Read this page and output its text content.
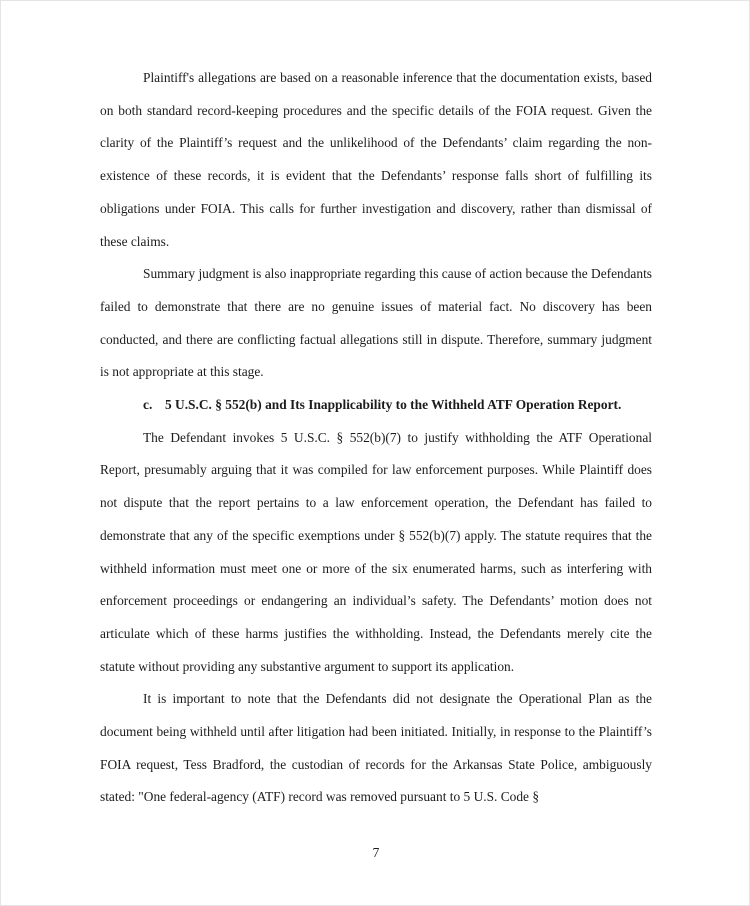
Plaintiff's allegations are based on a reasonable inference that the documentation exists, based on both standard record-keeping procedures and the specific details of the FOIA request. Given the clarity of the Plaintiff’s request and the unlikelihood of the Defendants’ claim regarding the non-existence of these records, it is evident that the Defendants’ response falls short of fulfilling its obligations under FOIA. This calls for further investigation and discovery, rather than dismissal of these claims.

Summary judgment is also inappropriate regarding this cause of action because the Defendants failed to demonstrate that there are no genuine issues of material fact. No discovery has been conducted, and there are conflicting factual allegations still in dispute. Therefore, summary judgment is not appropriate at this stage.

c. 5 U.S.C. § 552(b) and Its Inapplicability to the Withheld ATF Operation Report.

The Defendant invokes 5 U.S.C. § 552(b)(7) to justify withholding the ATF Operational Report, presumably arguing that it was compiled for law enforcement purposes. While Plaintiff does not dispute that the report pertains to a law enforcement operation, the Defendant has failed to demonstrate that any of the specific exemptions under § 552(b)(7) apply. The statute requires that the withheld information must meet one or more of the six enumerated harms, such as interfering with enforcement proceedings or endangering an individual’s safety. The Defendants’ motion does not articulate which of these harms justifies the withholding. Instead, the Defendants merely cite the statute without providing any substantive argument to support its application.

It is important to note that the Defendants did not designate the Operational Plan as the document being withheld until after litigation had been initiated. Initially, in response to the Plaintiff’s FOIA request, Tess Bradford, the custodian of records for the Arkansas State Police, ambiguously stated: "One federal-agency (ATF) record was removed pursuant to 5 U.S. Code §

7
